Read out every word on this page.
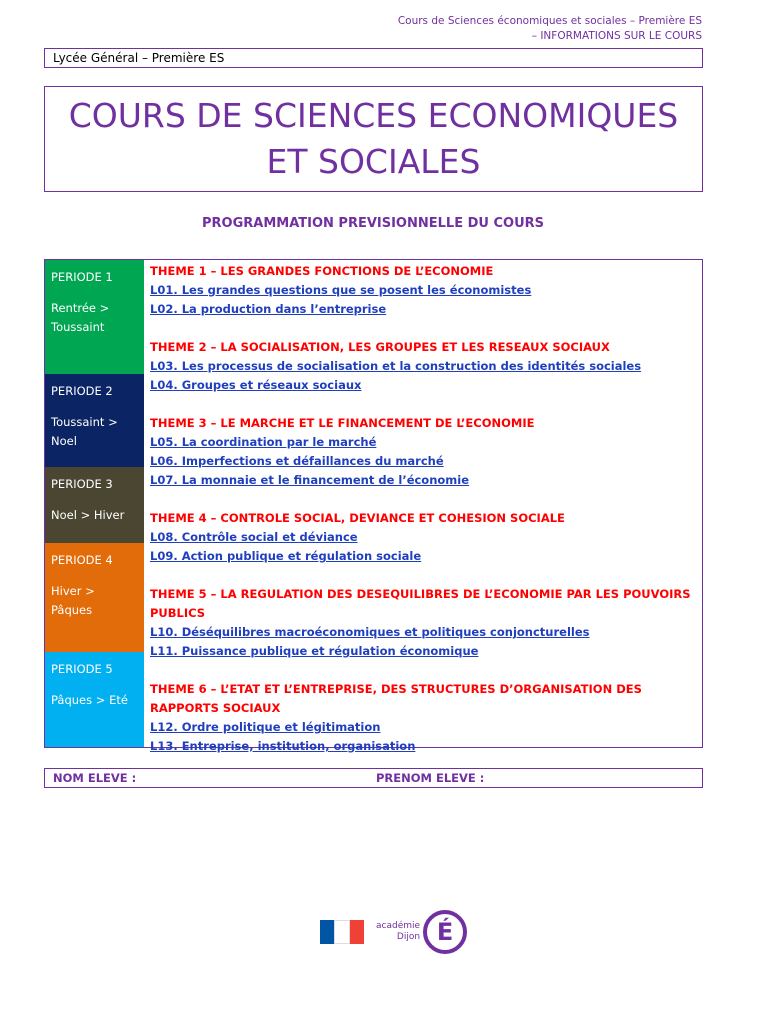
Cours de Sciences économiques et sociales – Première ES
– INFORMATIONS SUR LE COURS
Lycée Général – Première ES
COURS DE SCIENCES ECONOMIQUES
ET SOCIALES
PROGRAMMATION PREVISIONNELLE DU COURS
PERIODE 1
Rentrée > Toussaint
PERIODE 2
Toussaint > Noel
PERIODE 3
Noel > Hiver
PERIODE 4
Hiver > Pâques
PERIODE 5
Pâques > Eté
THEME 1 – LES GRANDES FONCTIONS DE L’ECONOMIE
L01. Les grandes questions que se posent les économistes
L02. La production dans l’entreprise
THEME 2 – LA SOCIALISATION, LES GROUPES ET LES RESEAUX SOCIAUX
L03. Les processus de socialisation et la construction des identités sociales
L04. Groupes et réseaux sociaux
THEME 3 – LE MARCHE ET LE FINANCEMENT DE L’ECONOMIE
L05. La coordination par le marché
L06. Imperfections et défaillances du marché
L07. La monnaie et le financement de l’économie
THEME 4 – CONTROLE SOCIAL, DEVIANCE ET COHESION SOCIALE
L08. Contrôle social et déviance
L09. Action publique et régulation sociale
THEME 5 – LA REGULATION DES DESEQUILIBRES DE L’ECONOMIE PAR LES POUVOIRS PUBLICS
L10. Déséquilibres macroéconomiques et politiques conjoncturelles
L11. Puissance publique et régulation économique
THEME 6 – L’ETAT ET L’ENTREPRISE, DES STRUCTURES D’ORGANISATION DES RAPPORTS SOCIAUX
L12. Ordre politique et légitimation
L13. Entreprise, institution, organisation
NOM ELEVE :	PRENOM ELEVE :
académie
Dijon É
